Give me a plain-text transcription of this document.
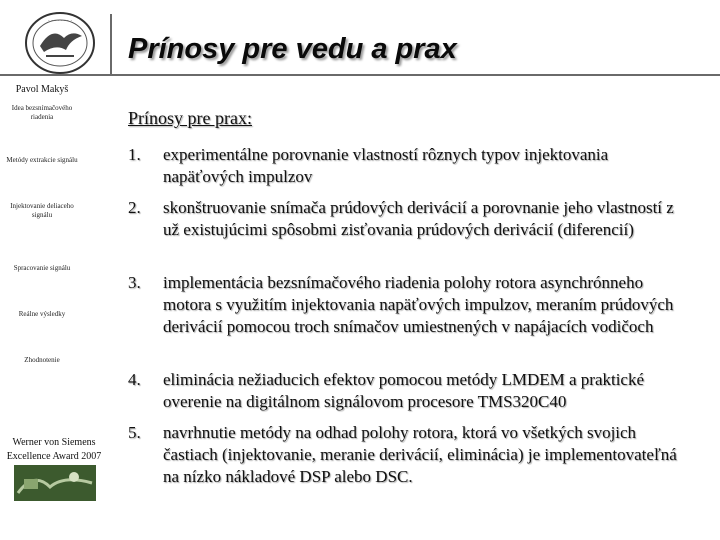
· · · · · · · ·
Prínosy pre vedu a prax
Pavol Makyš
Idea bezsnímačového riadenia
Metódy extrakcie signálu
Injektovanie deliaceho signálu
Spracovanie signálu
Reálne výsledky
Zhodnotenie
Werner von Siemens
Excellence Award 2007
Prínosy pre prax:
1.	experimentálne porovnanie vlastností rôznych typov injektovania napäťových impulzov
2.	skonštruovanie snímača prúdových derivácií a porovnanie jeho vlastností z už existujúcimi spôsobmi zisťovania prúdových derivácií (diferencií)
3.	implementácia bezsnímačového riadenia polohy rotora asynchrónneho motora s využitím injektovania napäťových impulzov, meraním prúdových derivácií pomocou troch snímačov umiestnených v napájacích vodičoch
4.	eliminácia nežiaducich efektov pomocou metódy LMDEM a praktické overenie na digitálnom signálovom procesore TMS320C40
5.	navrhnutie metódy na odhad polohy rotora, ktorá vo všetkých svojich častiach (injektovanie, meranie derivácií, eliminácia) je implementovateľná na nízko nákladové DSP alebo DSC.
